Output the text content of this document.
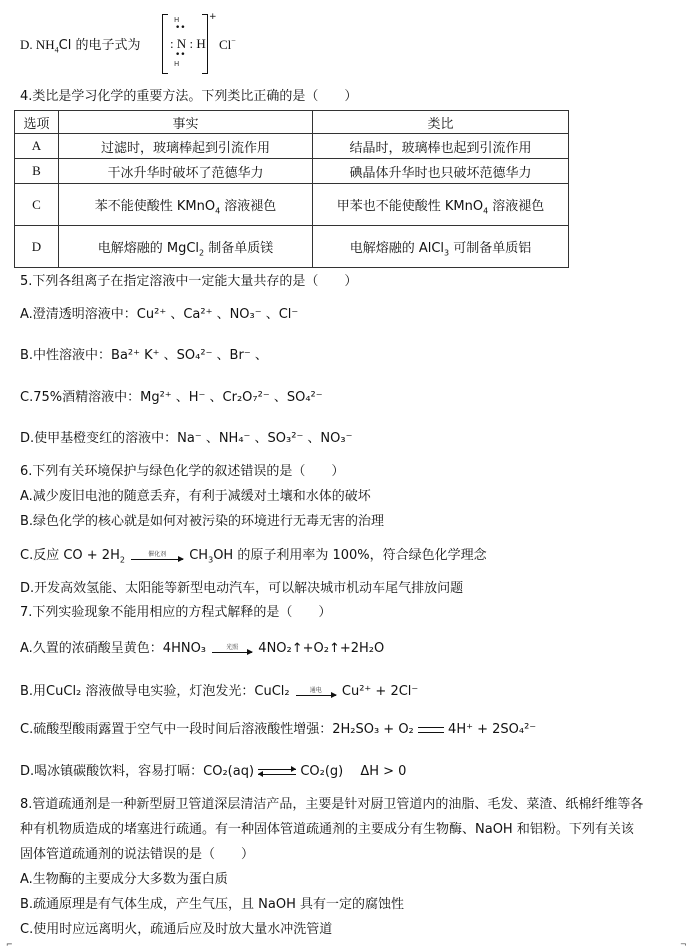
D. $NH_4Cl$ 的电子式为
H
••
: N : H
••
H
+
Cl−
4.类比是学习化学的重要方法。下列类比正确的是（　　）
选项	事实	类比
A	过滤时，玻璃棒起到引流作用	结晶时，玻璃棒也起到引流作用
B	干冰升华时破坏了范德华力	碘晶体升华时也只破坏范德华力
C	苯不能使酸性 KMnO$_4$ 溶液褪色	甲苯也不能使酸性 KMnO$_4$ 溶液褪色
D	电解熔融的 MgCl$_2$ 制备单质镁	电解熔融的 AlCl$_3$ 可制备单质铝
5.下列各组离子在指定溶液中一定能大量共存的是（　　）
A.澄清透明溶液中：Cu²⁺ 、Ca²⁺ 、NO₃⁻ 、Cl⁻
B.中性溶液中：Ba²⁺ K⁺ 、SO₄²⁻ 、Br⁻ 、
C.75%酒精溶液中：Mg²⁺ 、H⁻ 、Cr₂O₇²⁻ 、SO₄²⁻
D.使甲基橙变红的溶液中：Na⁻ 、NH₄⁻ 、SO₃²⁻ 、NO₃⁻
6.下列有关环境保护与绿色化学的叙述错误的是（　　）
A.减少废旧电池的随意丢弃，有利于减缓对土壤和水体的破坏
B.绿色化学的核心就是如何对被污染的环境进行无毒无害的治理
C.反应 CO + $2H_2$
催化剂	$CH_3OH$ 的原子利用率为 100%，符合绿色化学理念
D.开发高效氢能、太阳能等新型电动汽车，可以解决城市机动车尾气排放问题
7.下列实验现象不能用相应的方程式解释的是（　　）
A.久置的浓硝酸呈黄色：4HNO₃	光照	4NO₂↑+O₂↑+2H₂O
B.用CuCl₂ 溶液做导电实验，灯泡发光：CuCl₂	通电	Cu²⁺ + 2Cl⁻
C.硫酸型酸雨露置于空气中一段时间后溶液酸性增强：2H₂SO₃ + O₂	4H⁺ + 2SO₄²⁻
D.喝冰镇碳酸饮料，容易打嗝：CO₂(aq)	CO₂(g)　 ΔH > 0
8.管道疏通剂是一种新型厨卫管道深层清洁产品，主要是针对厨卫管道内的油脂、毛发、菜渣、纸棉纤维等各
种有机物质造成的堵塞进行疏通。有一种固体管道疏通剂的主要成分有生物酶、NaOH 和铝粉。下列有关该
固体管道疏通剂的说法错误的是（　　）
A.生物酶的主要成分大多数为蛋白质
B.疏通原理是有气体生成，产生气压，且 NaOH 具有一定的腐蚀性
C.使用时应远离明火，疏通后应及时放大量水冲洗管道
⌐	¬
